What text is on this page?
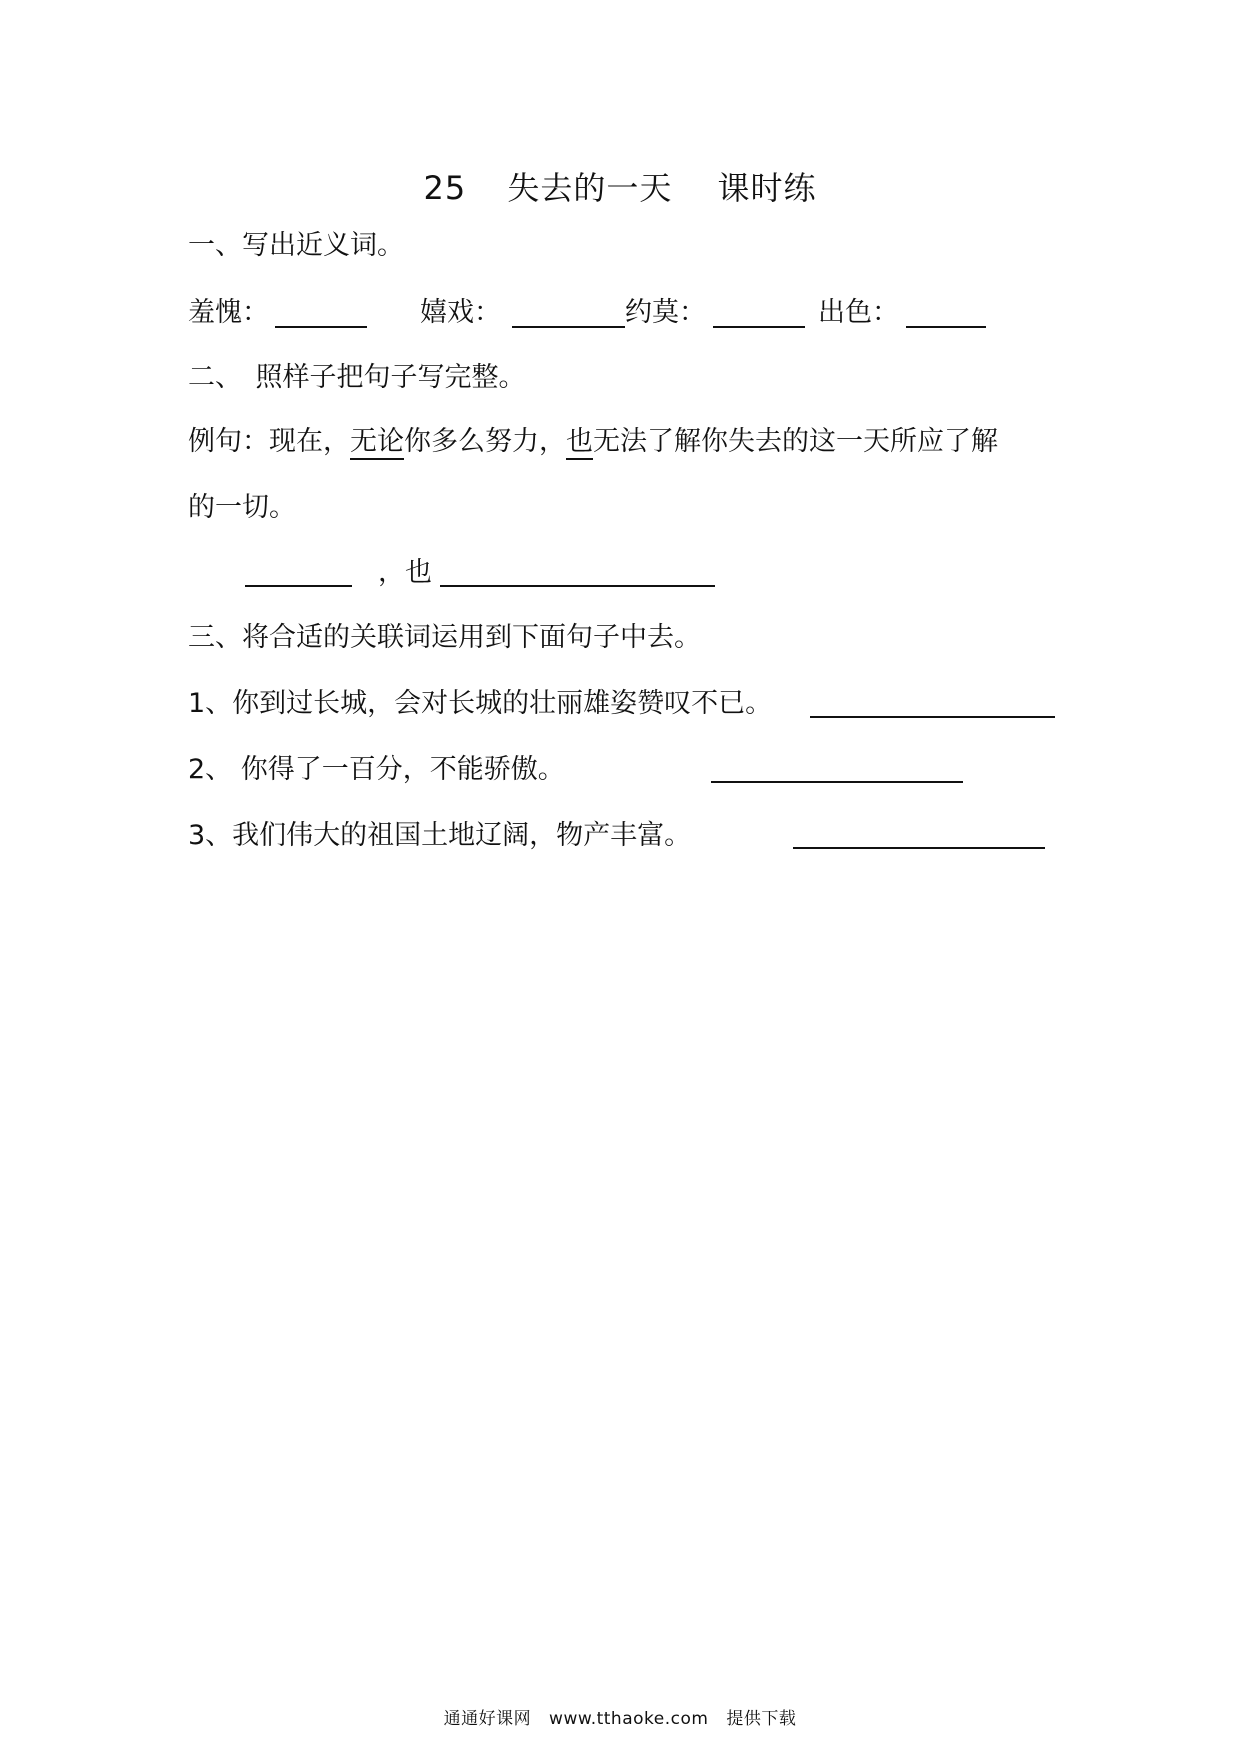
25 失去的一天 课时练
一、写出近义词。
羞愧：	嬉戏：	约莫：	出色：
二、　照样子把句子写完整。
例句：现在，无论你多么努力，也无法了解你失去的这一天所应了解
的一切。
，也
三、将合适的关联词运用到下面句子中去。
1、你到过长城，会对长城的壮丽雄姿赞叹不已。
2、 你得了一百分，不能骄傲。
3、我们伟大的祖国土地辽阔，物产丰富。
通通好课网 www.tthaoke.com 提供下载
